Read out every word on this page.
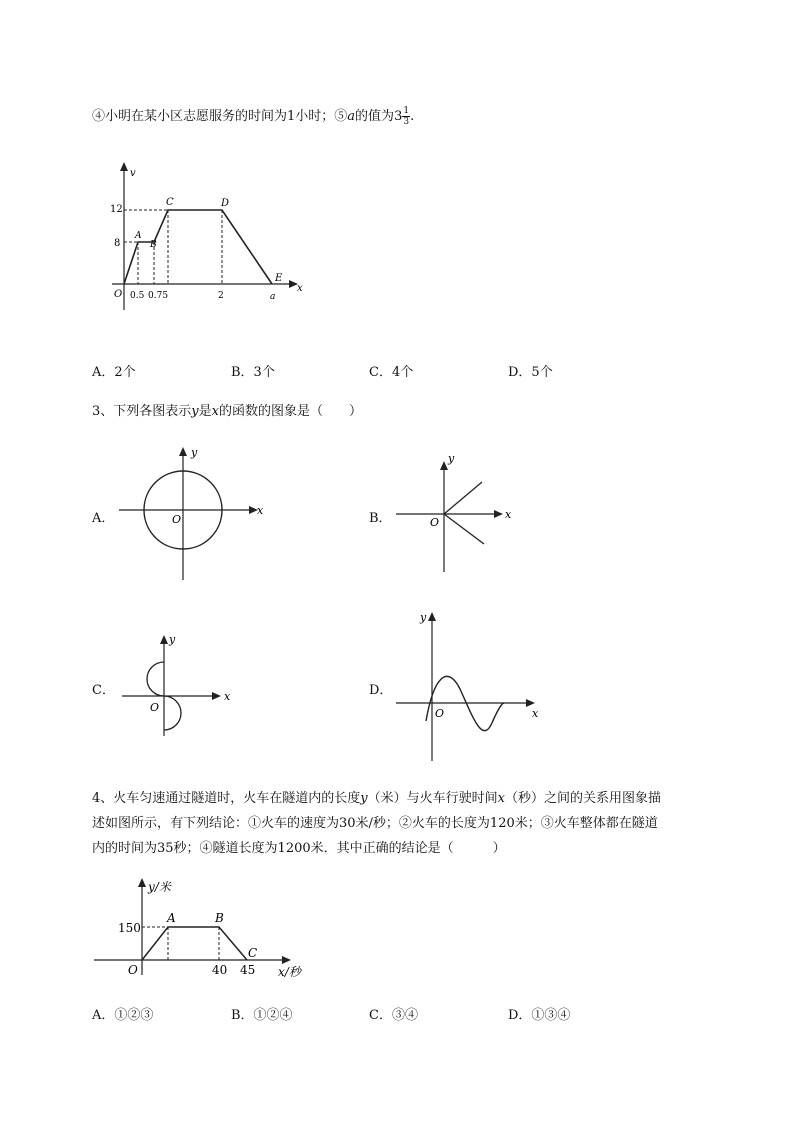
④小明在某小区志愿服务的时间为1小时；⑤a的值为$3 \frac{1}{3}$ .
v
x
O
12
8
0.5 0.75	2	a
A
B
C	D
E
A．2个	B．3个	C．4个	D．5个
3、下列各图表示y是x的函数的图象是（　　）
A．
x
y
O	B．	x
y
O
C．	x
y
O
D．
x
y
O
4、火车匀速通过隧道时，火车在隧道内的长度y（米）与火车行驶时间x（秒）之间的关系用图象描
述如图所示，有下列结论：①火车的速度为30米/秒；②火车的长度为120米；③火车整体都在隧道
内的时间为35秒；④隧道长度为1200米．其中正确的结论是（　　　）
y/米
x/秒
O
150
40 45
A	B
C
A．①②③	B．①②④	C．③④	D．①③④
